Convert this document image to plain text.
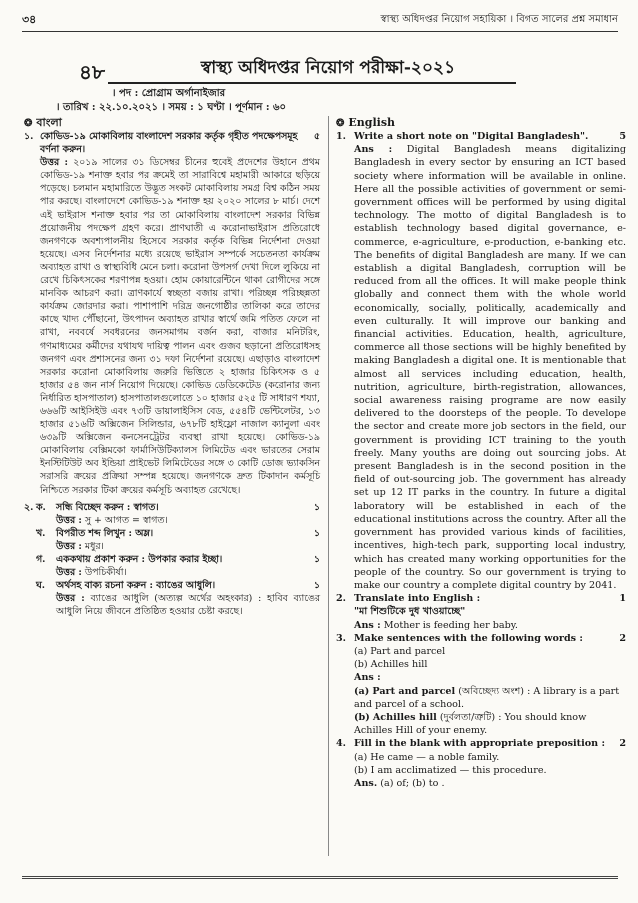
৩৪	স্বাস্থ্য অধিদপ্তর নিয়োগ সহায়িকা । বিগত সালের প্রশ্ন সমাধান
৪৮	স্বাস্থ্য অধিদপ্তর নিয়োগ পরীক্ষা-২০২১
। পদ : প্রোগ্রাম অর্গানাইজার
। তারিখ : ২২.১০.২০২১ । সময় : ১ ঘণ্টা । পূর্ণমান : ৬০
❂ বাংলা
১.	৫
কোভিড-১৯ মোকাবিলায় বাংলাদেশ সরকার কর্তৃক গৃহীত পদক্ষেপসমূহ বর্ণনা করুন।
উত্তর : ২০১৯ সালের ৩১ ডিসেম্বর চীনের হুবেই প্রদেশের উহানে প্রথম কোভিড-১৯ শনাক্ত হবার পর ক্রমেই তা সারাবিশ্বে মহামারী আকারে ছড়িয়ে পড়েছে। চলমান মহামারিতে উদ্ভূত সংকট মোকাবিলায় সমগ্র বিশ্ব কঠিন সময় পার করছে। বাংলাদেশে কোভিড-১৯ শনাক্ত হয় ২০২০ সালের ৮ মার্চ। দেশে এই ভাইরাস শনাক্ত হবার পর তা মোকাবিলায় বাংলাদেশ সরকার বিভিন্ন প্রয়োজনীয় পদক্ষেপ গ্রহণ করে। প্রাণঘাতী এ করোনাভাইরাস প্রতিরোধে জনগণকে অবশ্যপালনীয় হিসেবে সরকার কর্তৃক বিভিন্ন নির্দেশনা দেওয়া হয়েছে। এসব নির্দেশনার মধ্যে রয়েছে ভাইরাস সম্পর্কে সচেতনতা কার্যক্রম অব্যাহত রাখা ও স্বাস্থ্যবিধি মেনে চলা। করোনা উপসর্গ দেখা দিলে লুকিয়ে না রেখে চিকিৎসকের শরণাপন্ন হওয়া। হোম কোয়ারেন্টিনে থাকা রোগীদের সঙ্গে মানবিক আচরণ করা। ত্রাণকার্যে স্বচ্ছতা বজায় রাখা। পরিচ্ছন্ন পরিচ্ছন্নতা কার্যক্রম জোরদার করা। পাশাপাশি দরিদ্র জনগোষ্ঠীর তালিকা করে তাদের কাছে খাদ্য পৌঁছানো, উৎপাদন অব্যাহত রাখার স্বার্থে জমি পতিত ফেলে না রাখা, নববর্ষে সবধরনের জনসমাগম বর্জন করা, বাজার মনিটরিং, গণমাধ্যমের কর্মীদের যথাযথ দায়িত্ব পালন এবং গুজব ছড়ানো প্রতিরোধসহ জনগণ এবং প্রশাসনের জন্য ৩১ দফা নির্দেশনা রয়েছে। এছাড়াও বাংলাদেশ সরকার করোনা মোকাবিলায় জরুরি ভিত্তিতে ২ হাজার চিকিৎসক ও ৫ হাজার ৫৪ জন নার্স নিয়োগ দিয়েছে। কোভিড ডেডিকেটেড (করোনার জন্য নির্ধারিত হাসপাতাল) হাসপাতালগুলোতে ১০ হাজার ৫২৫ টি সাধারণ শয্যা, ৬৬৬টি আইসিইউ এবং ৭৩টি ডায়ালাইসিস বেড, ৫৫৪টি ভেন্টিলেটর, ১৩ হাজার ৫১৬টি অক্সিজেন সিলিন্ডার, ৬৭৮টি হাইফ্লো নাজাল ক্যানুলা এবং ৬৩৯টি অক্সিজেন কনসেনট্রেটর ব্যবস্থা রাখা হয়েছে। কোভিড-১৯ মোকাবিলায় বেক্সিমকো ফার্মাসিউটিক্যালস লিমিটেড এবং ভারতের সেরাম ইনস্টিটিউট অব ইন্ডিয়া প্রাইভেট লিমিটেডের সঙ্গে ৩ কোটি ডোজ ভ্যাকসিন সরাসরি ক্রয়ের প্রক্রিয়া সম্পন্ন হয়েছে। জনগণকে দ্রুত টিকাদান কর্মসূচি নিশ্চিতে সরকার টিকা ক্রয়ের কর্মসূচি অব্যাহত রেখেছে।
২. ক.	১
সন্ধি বিচ্ছেদ করুন : স্বাগত।
উত্তর : সু + আগত = স্বাগত।
খ.	১
বিপরীত শব্দ লিখুন : অম্ল।
উত্তর : মধুর।
গ.	১
এককথায় প্রকাশ করুন : উপকার করার ইচ্ছা।
উত্তর : উপচিকীর্ষা।
ঘ.	১
অর্থসহ বাক্য রচনা করুন : ব্যাঙের আধুলি।
উত্তর : ব্যাঙের আধুলি (অত্যল্প অর্থের অহংকার) : হাবিব ব্যাঙের আধুলি নিয়ে জীবনে প্রতিষ্ঠিত হওয়ার চেষ্টা করছে।
❂ English
1.	5
Write a short note on "Digital Bangladesh".
Ans : Digital Bangladesh means digitalizing Bangladesh in every sector by ensuring an ICT based society where information will be available in online. Here all the possible activities of government or semi-government offices will be performed by using digital technology. The motto of digital Bangladesh is to establish technology based digital governance, e-commerce, e-agriculture, e-production, e-banking etc. The benefits of digital Bangladesh are many. If we can establish a digital Bangladesh, corruption will be reduced from all the offices. It will make people think globally and connect them with the whole world economically, socially, politically, academically and even culturally. It will improve our banking and financial activities. Education, health, agriculture, commerce all those sections will be highly benefited by making Bangladesh a digital one. It is mentionable that almost all services including education, health, nutrition, agriculture, birth-registration, allowances, social awareness raising programe are now easily delivered to the doorsteps of the people. To develope the sector and create more job sectors in the field, our government is providing ICT training to the youth freely. Many youths are doing out sourcing jobs. At present Bangladesh is in the second position in the field of out-sourcing job. The government has already set up 12 IT parks in the country. In future a digital laboratory will be established in each of the educational institutions across the country. After all the government has provided various kinds of facilities, incentives, high-tech park, supporting local industry, which has created many working opportunities for the people of the country. So our government is trying to make our country a complete digital country by 2041.
2.	1
Translate into English :
"মা শিশুটিকে দুধ খাওয়াচ্ছে"
Ans : Mother is feeding her baby.
3.	2
Make sentences with the following words :
(a) Part and parcel
(b) Achilles hill
Ans :
(a) Part and parcel (অবিচ্ছেদ্য অংশ) : A library is a part and parcel of a school.
(b) Achilles hill (দুর্বলতা/ত্রুটি) : You should know Achilles Hill of your enemy.
4.	2
Fill in the blank with appropriate preposition :
(a) He came — a noble family.
(b) I am acclimatized — this procedure.
Ans. (a) of; (b) to .
